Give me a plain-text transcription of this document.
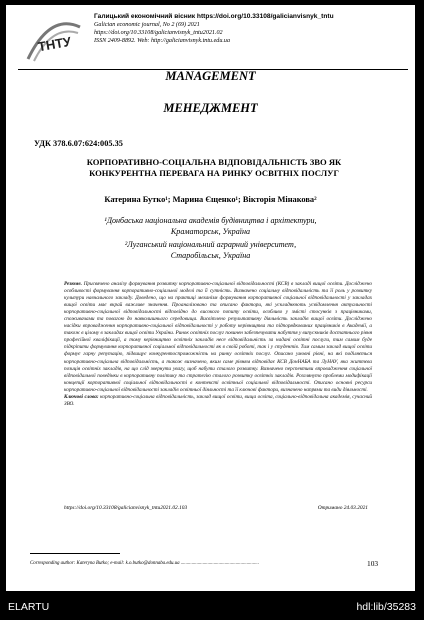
ТНТУ
Галицький економічний вісник https://doi.org/10.33108/galicianvisnyk_tntu
Galician economic journal, No 2 (69) 2021
https://doi.org/10.33108/galicianvisnyk_tntu2021.02
ISSN 2409-8892. Web: http://galicianvisnyk.tntu.edu.ua
MANAGEMENT
МЕНЕДЖМЕНТ
УДК 378.6.07:624:005.35
КОРПОРАТИВНО-СОЦІАЛЬНА ВІДПОВІДАЛЬНІСТЬ ЗВО ЯК
КОНКУРЕНТНА ПЕРЕВАГА НА РИНКУ ОСВІТНІХ ПОСЛУГ
Катерина Бутко¹; Марина Єщенко¹; Вікторія Мінакова²
¹Донбаська національна академія будівництва і архітектури,
Краматорськ, Україна
²Луганський національний аграрний університет,
Старобільськ, Україна
Резюме. Присвячено аналізу формування розвитку корпоративно-соціальної відповідальності (КСВ) в закладі вищої освіти. Досліджено особливості формування корпоративно-соціальної моделі та її сутність. Визначено соціальну відповідальність та її роль у розвитку культури навчального закладу. Доведено, що на практиці механізм формування корпоративної соціальної відповідальності у закладах вищої освіти має вкрай важливе значення. Проаналізовано та описано фактори, які ускладнюють усвідомлення актуальності корпоративно-соціальної відповідальності відповідно до високого попиту освіти, особливо у змісті стосунків з працівниками, споживачами та повагою до навколишнього середовища. Висвітлено результативну діяльність закладів вищої освіти. Досліджено насідки впровадження корпоративно-соціальної відповідальності у роботу керівництва та підпорядкованих працівників в Академії, а також в цілому в закладах вищої освіти України. Ринок освітніх послуг повинен забезпечувати набуття у випускників достатнього рівня професійної кваліфікації, а тому керівництво освітніх закладів несе відповідальність за надані освітні послуги, тим самим буде підкріпити формування корпоративної соціальної відповідальності як в своїй роботі, так і у студентів. Тим самим заклад вищої освіти формує гарну репутацію, підвищує конкурентоспроможність на ринку освітніх послуг. Описано умовні рівні, на які поділяється корпоративно-соціальна відповідальність, а також визначено, яким саме рівням відповідає КСВ ДонНАБА та ЛуНАУ, яка життєва позиція освітніх закладів, на що слід звернути увагу, щоб набути сталого розвитку. Визначено перспективи впровадження соціальної відповідальної поведінки в корпоративну політику та стратегію сталого розвитку освітніх закладів. Розглянуто проблеми модифікації концепції корпоративної соціальної відповідальності в контексті освітньої соціальної відповідальності. Описано основні ресурси корпоративно-соціальної відповідальності закладів освітньої діяльності та її ключові фактори, визначено напрями та види діяльності.
Ключові слова: корпоративно-соціальна відповідальність, заклад вищої освіти, вища освіта, соціально-відповідальна академія, сучасний ЗВО.
https://doi.org/10.33108/galicianvisnyk_tntu2021.02.103	Отримано 24.03.2021
Corresponding author: Kateryna Butko; e-mail: k.o.butko@donnaba.edu.ua ................................................................	103
ELARTU	hdl:lib/35283
